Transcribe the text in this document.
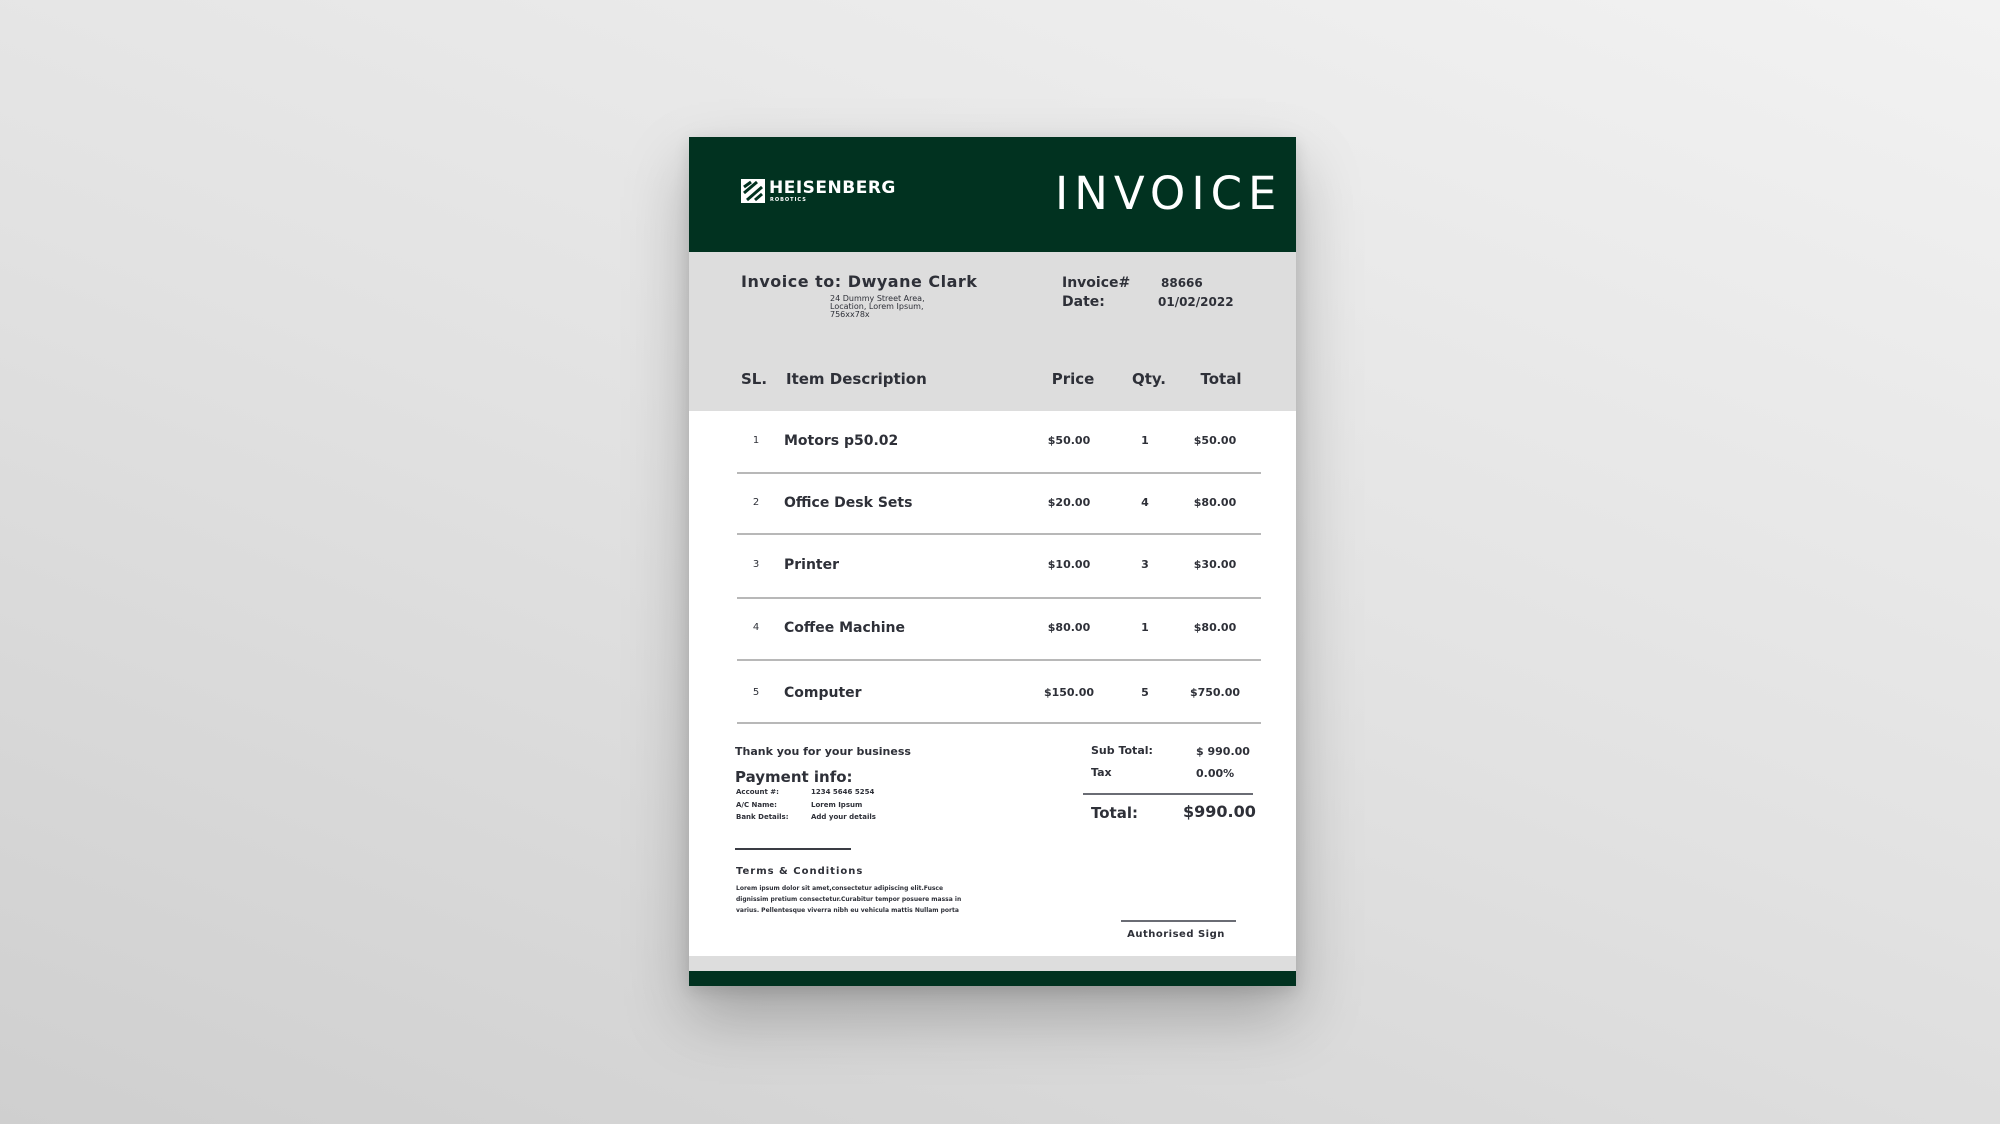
HEISENBERG
ROBOTICS	INVOICE
Invoice to: Dwyane Clark
24 Dummy Street Area,
Location, Lorem Ipsum,
756xx78x
Invoice#	88666
Date:	01/02/2022
SL. Item Description	Price	Qty. Total
1 Motors p50.02	$50.00	1	$50.00
2 Office Desk Sets	$20.00	4	$80.00
3 Printer	$10.00	3	$30.00
4 Coffee Machine	$80.00	1	$80.00
5 Computer	$150.00	5	$750.00
Thank you for your business
Payment info:
Account #:	1234 5646 5254
A/C Name:	Lorem Ipsum
Bank Details:	Add your details
Terms & Conditions
Lorem ipsum dolor sit amet,consectetur adipiscing elit.Fusce
dignissim pretium consectetur.Curabitur tempor posuere massa in
varius. Pellentesque viverra nibh eu vehicula mattis Nullam porta
Sub Total:	$ 990.00
Tax	0.00%
Total:	$990.00
Authorised Sign
